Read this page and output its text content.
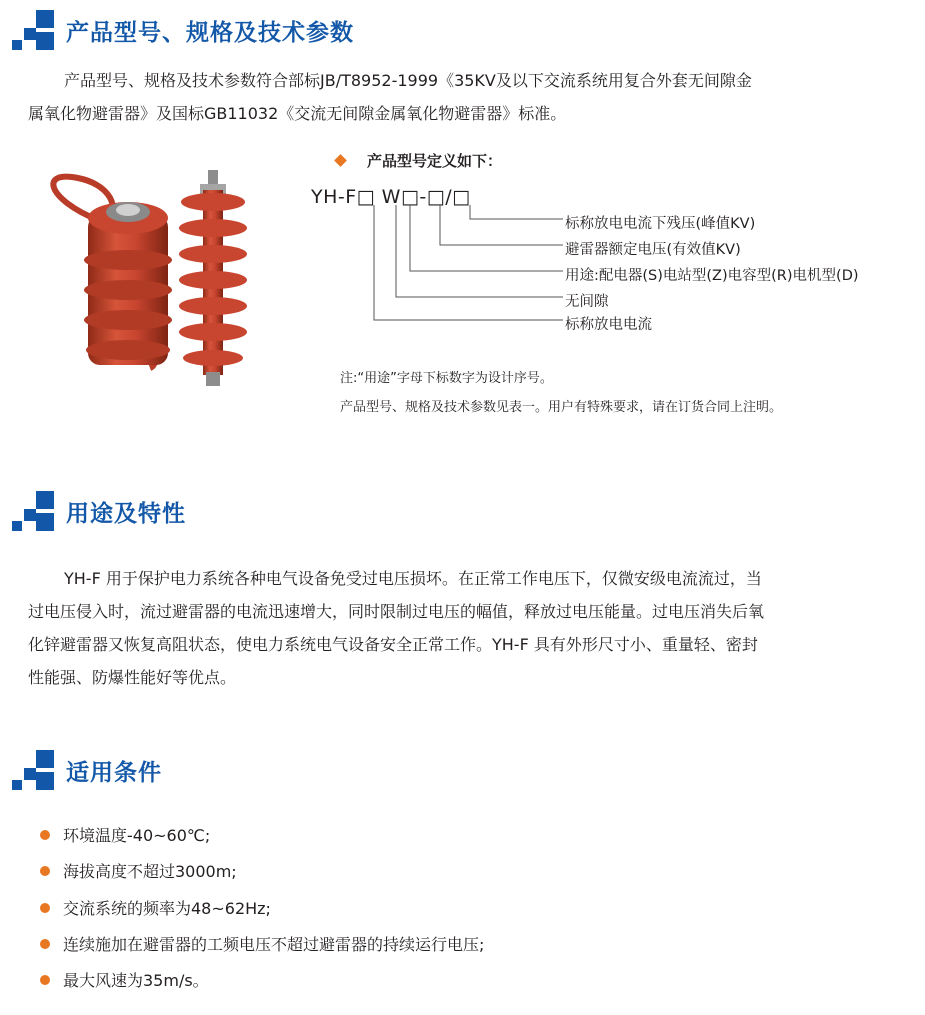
产品型号、规格及技术参数
产品型号、规格及技术参数符合部标JB/T8952-1999《35KV及以下交流系统用复合外套无间隙金
属氧化物避雷器》及国标GB11032《交流无间隙金属氧化物避雷器》标准。
产品型号定义如下：
YH-F□ W□-□/□
标称放电电流下残压(峰值KV)
避雷器额定电压(有效值KV)
用途:配电器(S)电站型(Z)电容型(R)电机型(D)
无间隙
标称放电电流
注:“用途”字母下标数字为设计序号。
产品型号、规格及技术参数见表一。用户有特殊要求，请在订货合同上注明。
用途及特性
YH-F 用于保护电力系统各种电气设备免受过电压损坏。在正常工作电压下，仅微安级电流流过，当
过电压侵入时，流过避雷器的电流迅速增大，同时限制过电压的幅值，释放过电压能量。过电压消失后氧
化锌避雷器又恢复高阻状态，使电力系统电气设备安全正常工作。YH-F 具有外形尺寸小、重量轻、密封
性能强、防爆性能好等优点。
适用条件
环境温度-40~60℃;
海拔高度不超过3000m;
交流系统的频率为48~62Hz;
连续施加在避雷器的工频电压不超过避雷器的持续运行电压;
最大风速为35m/s。
